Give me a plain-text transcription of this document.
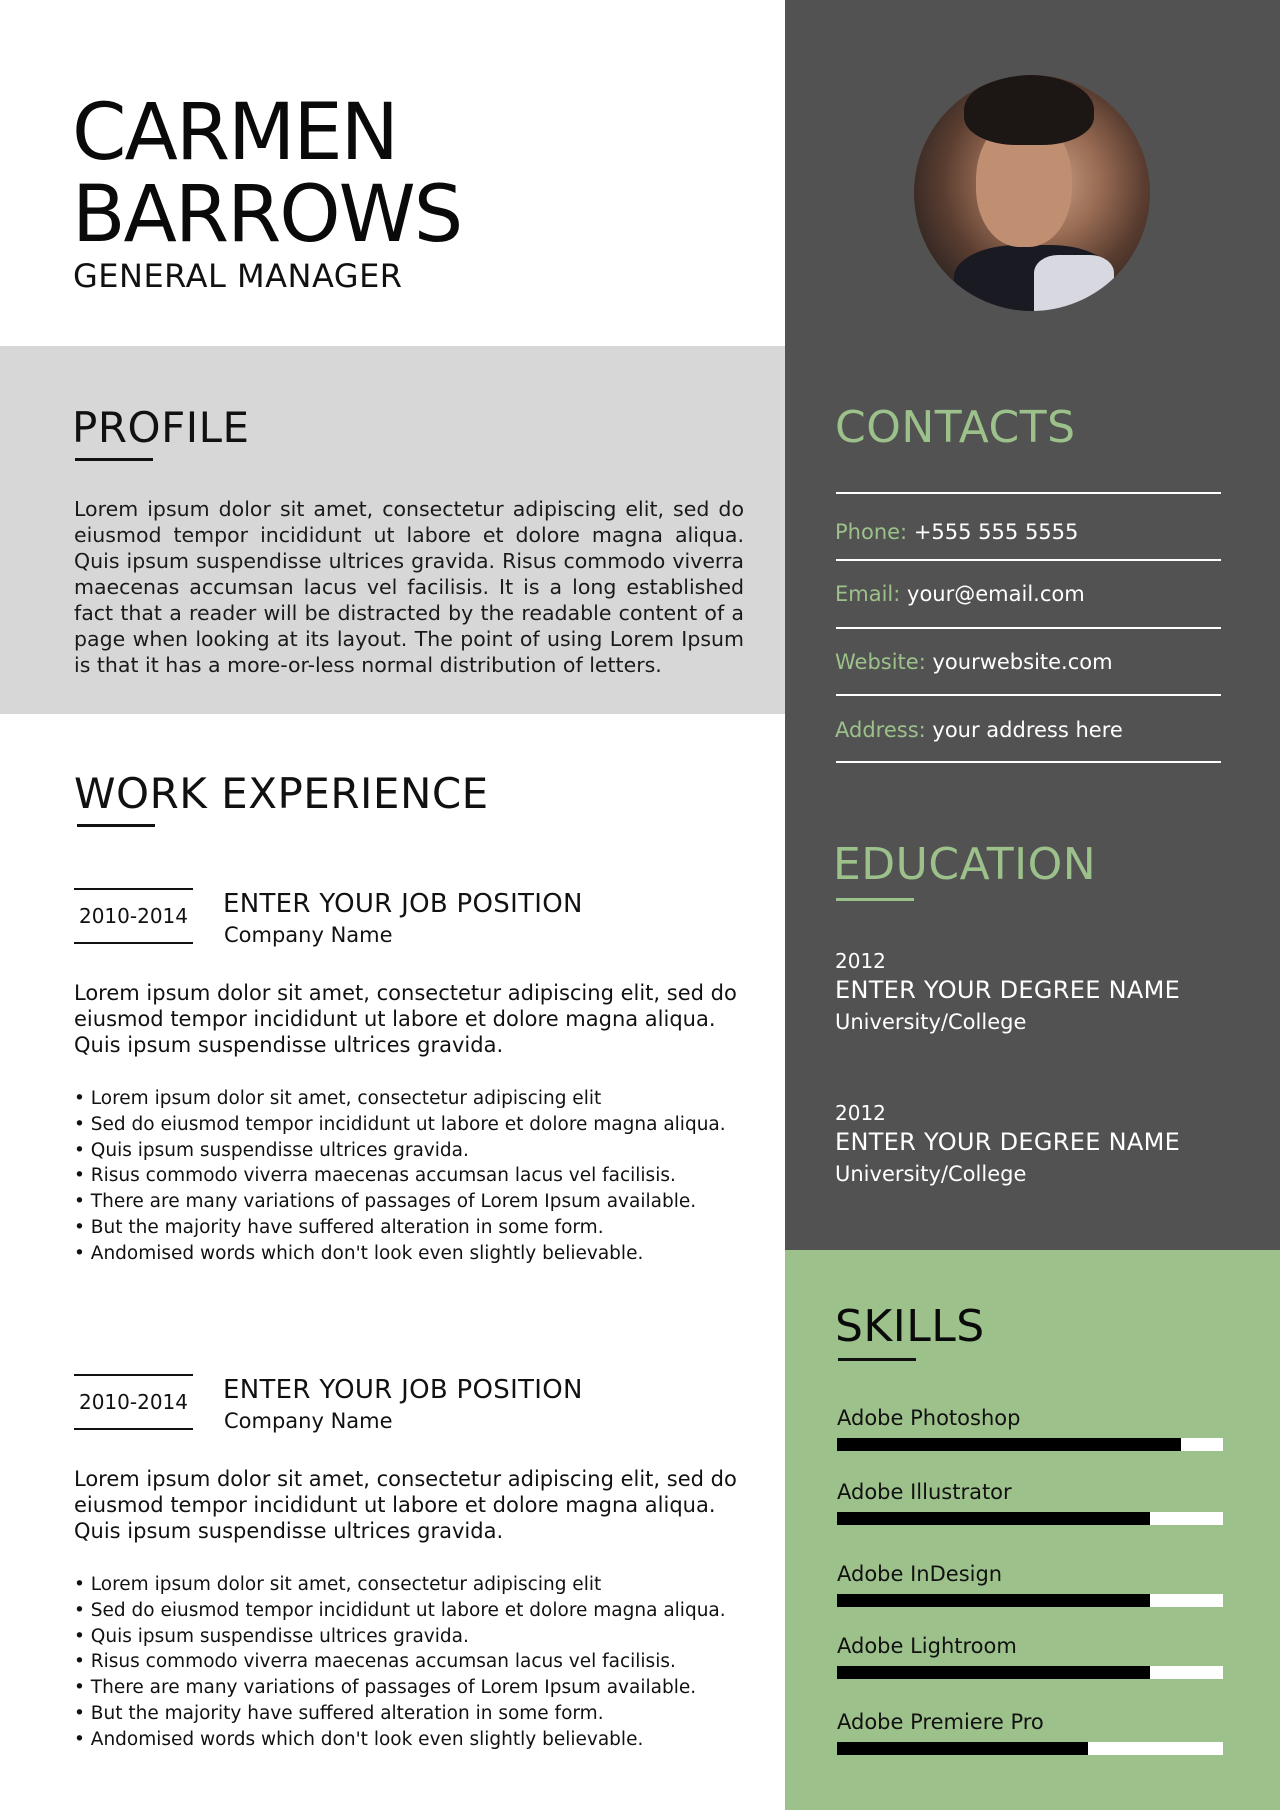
CARMEN
BARROWS
GENERAL MANAGER
PROFILE

Lorem ipsum dolor sit amet, consectetur adipiscing elit, sed do eiusmod tempor incididunt ut labore et dolore magna aliqua. Quis ipsum suspendisse ultrices gravida. Risus commodo viverra maecenas accumsan lacus vel facilisis. It is a long established fact that a reader will be distracted by the readable content of a page when looking at its layout. The point of using Lorem Ipsum is that it has a more-or-less normal distribution of letters.

WORK EXPERIENCE
2010-2014 ENTER YOUR JOB POSITION
Company Name

Lorem ipsum dolor sit amet, consectetur adipiscing elit, sed do eiusmod tempor incididunt ut labore et dolore magna aliqua. Quis ipsum suspendisse ultrices gravida.

• Lorem ipsum dolor sit amet, consectetur adipiscing elit
• Sed do eiusmod tempor incididunt ut labore et dolore magna aliqua.
• Quis ipsum suspendisse ultrices gravida.
• Risus commodo viverra maecenas accumsan lacus vel facilisis.
• There are many variations of passages of Lorem Ipsum available.
• But the majority have suffered alteration in some form.
• Andomised words which don't look even slightly believable.
2010-2014 ENTER YOUR JOB POSITION
Company Name

Lorem ipsum dolor sit amet, consectetur adipiscing elit, sed do eiusmod tempor incididunt ut labore et dolore magna aliqua. Quis ipsum suspendisse ultrices gravida.

• Lorem ipsum dolor sit amet, consectetur adipiscing elit
• Sed do eiusmod tempor incididunt ut labore et dolore magna aliqua.
• Quis ipsum suspendisse ultrices gravida.
• Risus commodo viverra maecenas accumsan lacus vel facilisis.
• There are many variations of passages of Lorem Ipsum available.
• But the majority have suffered alteration in some form.
• Andomised words which don't look even slightly believable.
CONTACTS
Phone: +555 555 5555
Email: your@email.com
Website: yourwebsite.com
Address: your address here
EDUCATION
2012
ENTER YOUR DEGREE NAME
University/College
2012
ENTER YOUR DEGREE NAME
University/College
SKILLS
Adobe Photoshop
Adobe Illustrator
Adobe InDesign
Adobe Lightroom
Adobe Premiere Pro
